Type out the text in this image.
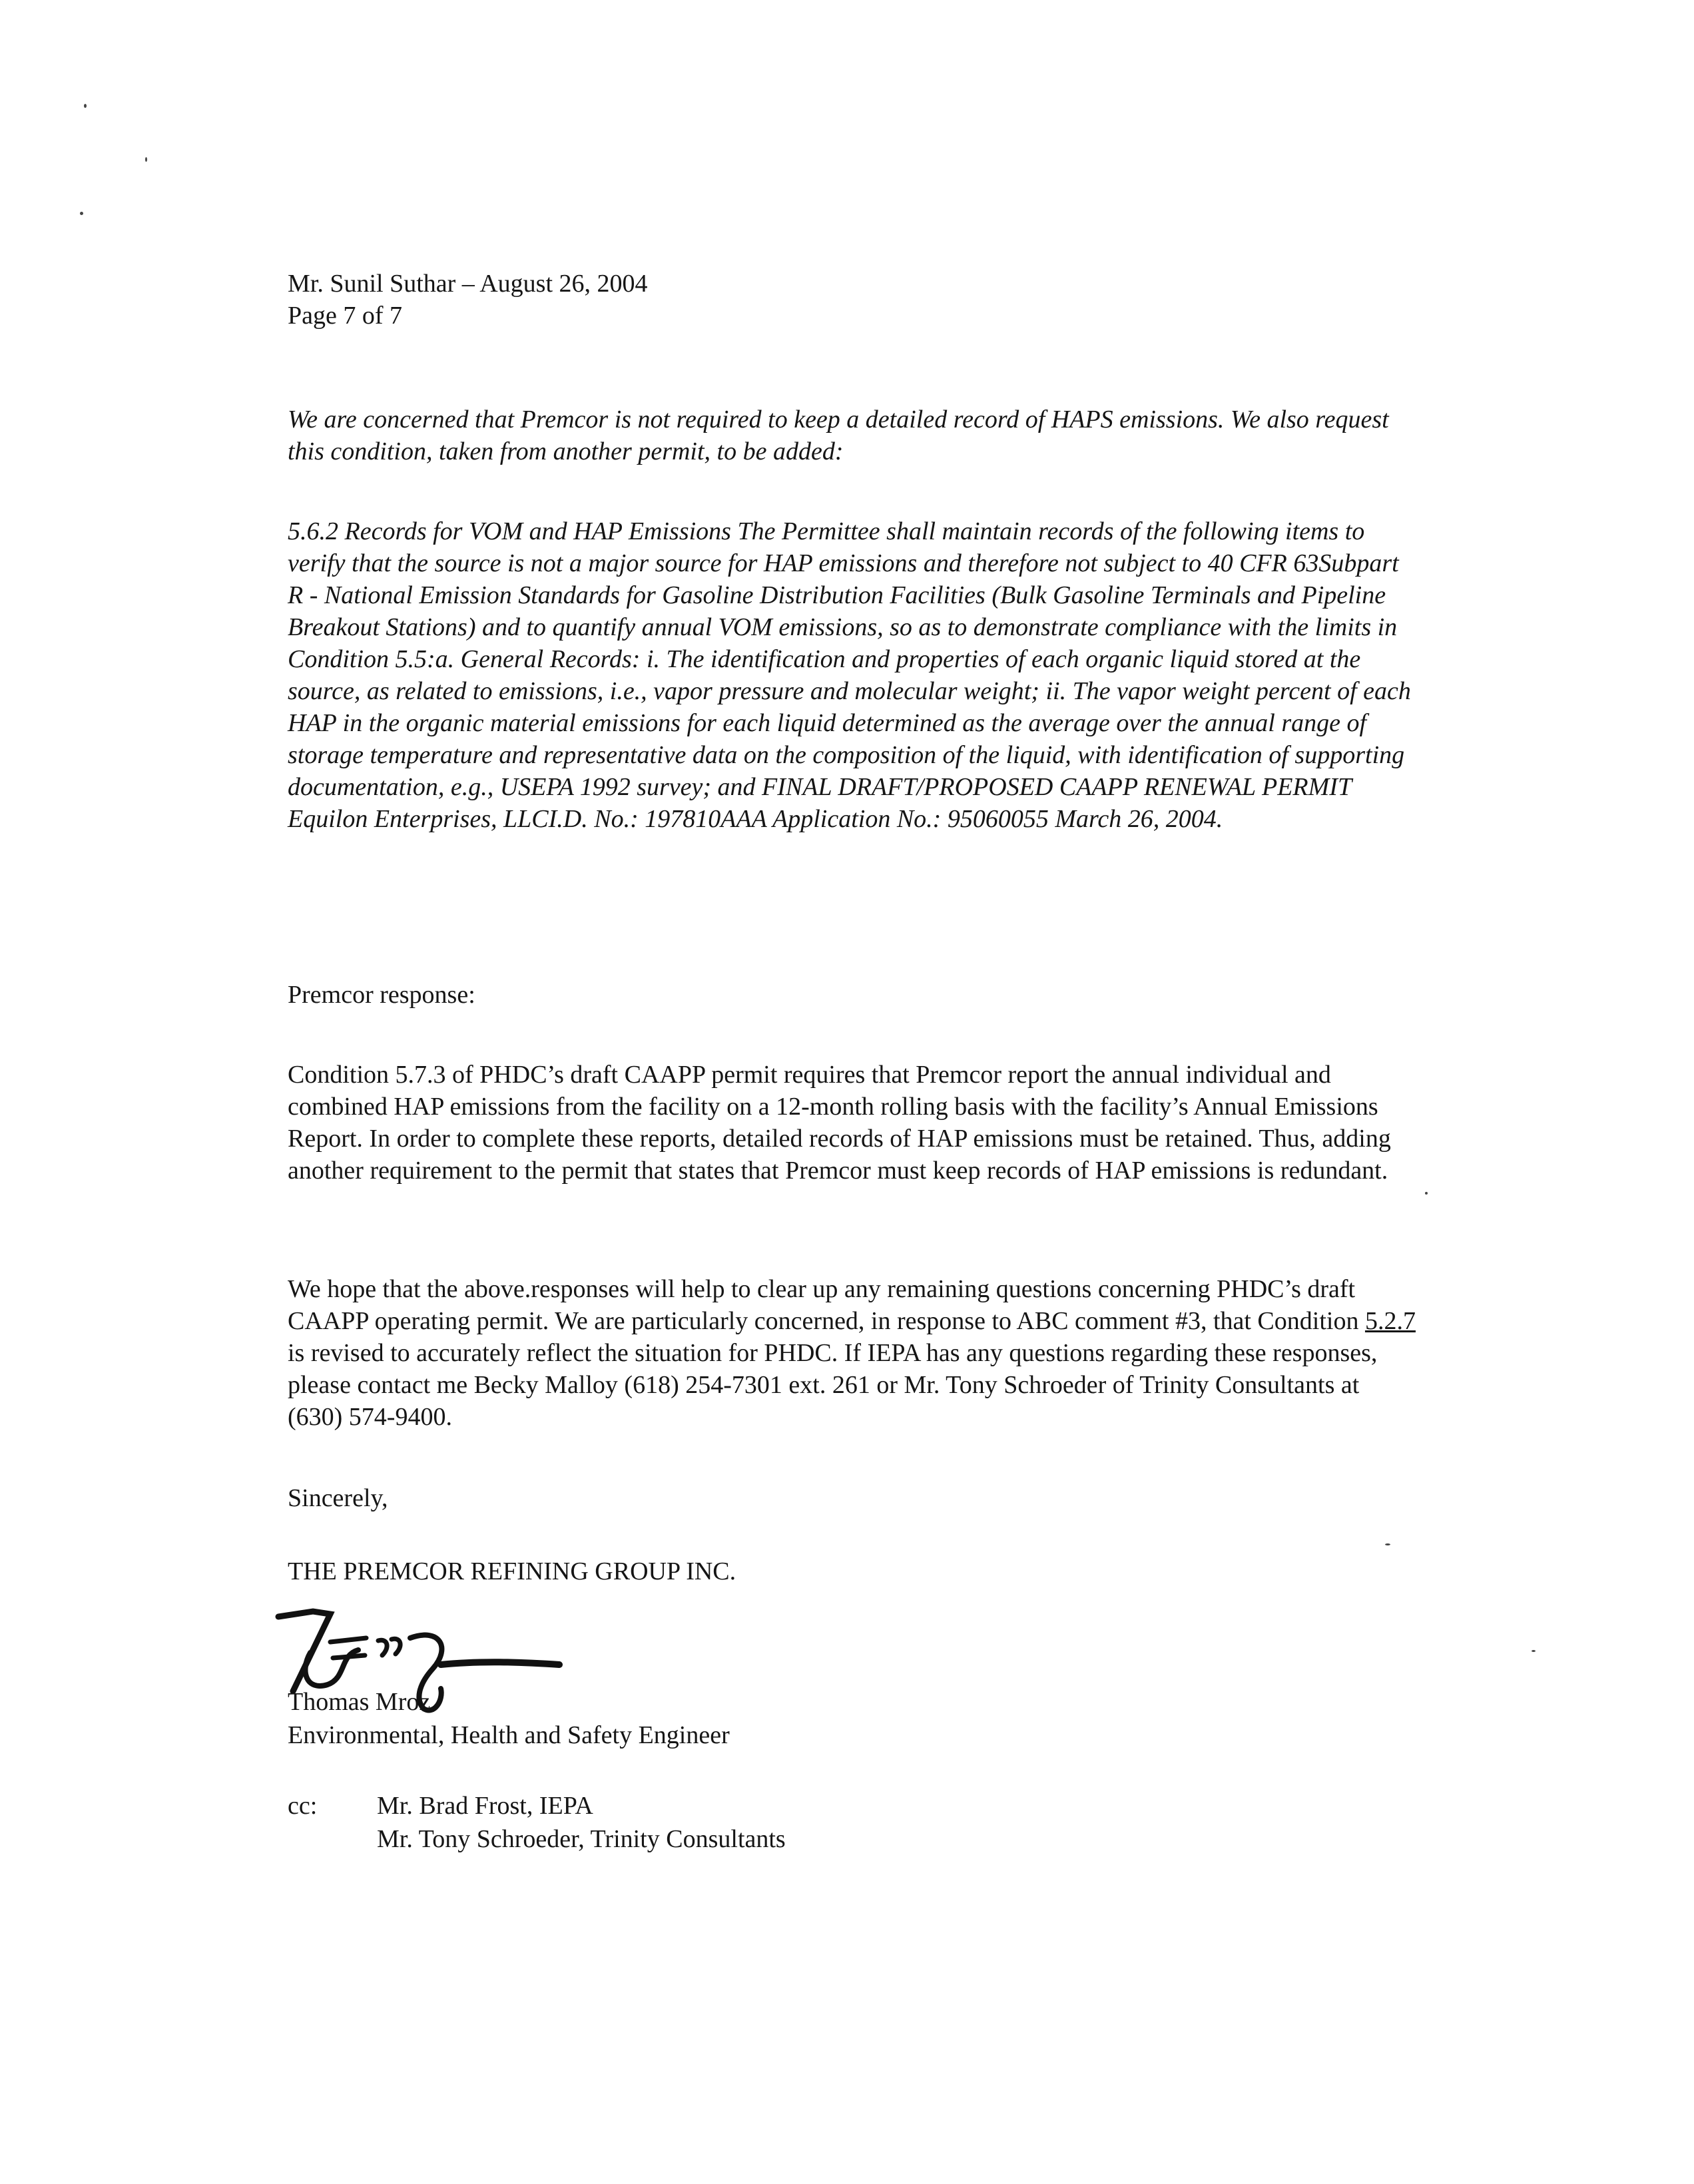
Mr. Sunil Suthar – August 26, 2004
Page 7 of 7
We are concerned that Premcor is not required to keep a detailed record of HAPS emissions. We also request this condition, taken from another permit, to be added:
5.6.2 Records for VOM and HAP Emissions The Permittee shall maintain records of the following items to verify that the source is not a major source for HAP emissions and therefore not subject to 40 CFR 63Subpart R - National Emission Standards for Gasoline Distribution Facilities (Bulk Gasoline Terminals and Pipeline Breakout Stations) and to quantify annual VOM emissions, so as to demonstrate compliance with the limits in Condition 5.5:a. General Records: i. The identification and properties of each organic liquid stored at the source, as related to emissions, i.e., vapor pressure and molecular weight; ii. The vapor weight percent of each HAP in the organic material emissions for each liquid determined as the average over the annual range of storage temperature and representative data on the composition of the liquid, with identification of supporting documentation, e.g., USEPA 1992 survey; and FINAL DRAFT/PROPOSED CAAPP RENEWAL PERMIT Equilon Enterprises, LLCI.D. No.: 197810AAA Application No.: 95060055 March 26, 2004.
Premcor response:
Condition 5.7.3 of PHDC’s draft CAAPP permit requires that Premcor report the annual individual and combined HAP emissions from the facility on a 12-month rolling basis with the facility’s Annual Emissions Report. In order to complete these reports, detailed records of HAP emissions must be retained. Thus, adding another requirement to the permit that states that Premcor must keep records of HAP emissions is redundant.
We hope that the above.responses will help to clear up any remaining questions concerning PHDC’s draft CAAPP operating permit. We are particularly concerned, in response to ABC comment #3, that Condition 5.2.7 is revised to accurately reflect the situation for PHDC. If IEPA has any questions regarding these responses, please contact me Becky Malloy (618) 254-7301 ext. 261 or Mr. Tony Schroeder of Trinity Consultants at (630) 574-9400.
Sincerely,
THE PREMCOR REFINING GROUP INC.
Thomas Mroz
Environmental, Health and Safety Engineer
cc: Mr. Brad Frost, IEPA
Mr. Tony Schroeder, Trinity Consultants
